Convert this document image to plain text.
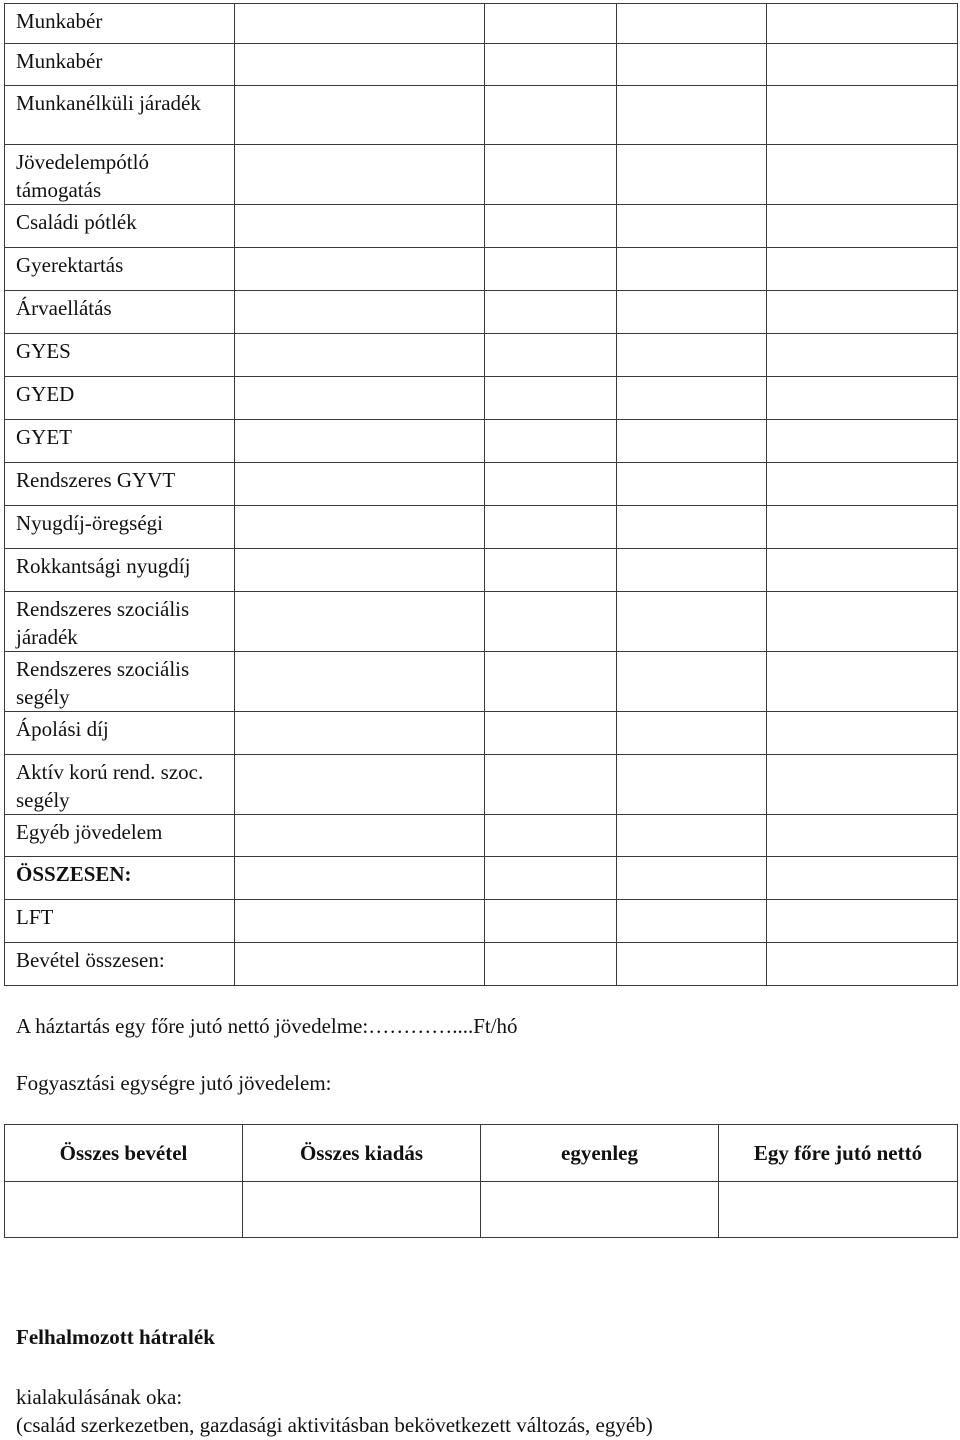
Munkabér				
Munkabér				
Munkanélküli járadék				
Jövedelempótló támogatás				
Családi pótlék				
Gyerektartás				
Árvaellátás				
GYES				
GYED				
GYET				
Rendszeres GYVT				
Nyugdíj-öregségi				
Rokkantsági nyugdíj				
Rendszeres szociális járadék				
Rendszeres szociális segély				
Ápolási díj				
Aktív korú rend. szoc. segély				
Egyéb jövedelem				
ÖSSZESEN:				
LFT				
Bevétel összesen:				
A háztartás egy főre jutó nettó jövedelme:…………....Ft/hó
Fogyasztási egységre jutó jövedelem:
Összes bevétel	Összes kiadás	egyenleg	Egy főre jutó nettó

Felhalmozott hátralék
kialakulásának oka:
(család szerkezetben, gazdasági aktivitásban bekövetkezett változás, egyéb)
